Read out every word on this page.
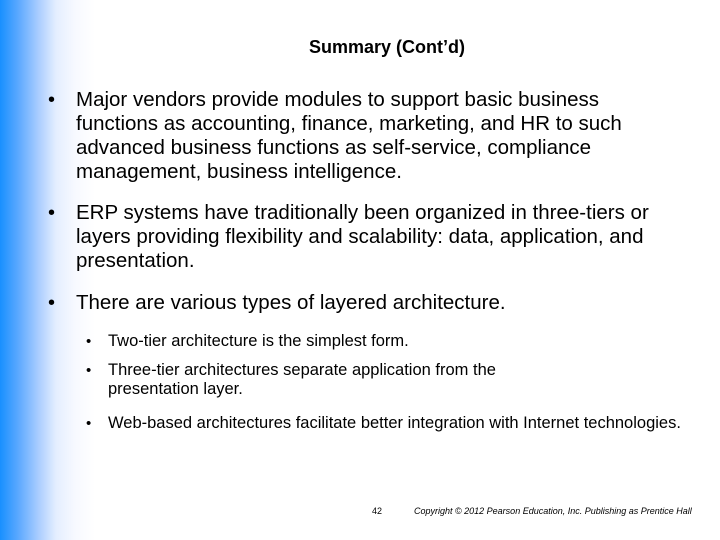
Summary (Cont’d)
• Major vendors provide modules to support basic business functions as accounting, finance, marketing, and HR to such advanced business functions as self-service, compliance management, business intelligence.
• ERP systems have traditionally been organized in three-tiers or layers providing flexibility and scalability: data, application, and presentation.
• There are various types of layered architecture.
• Two-tier architecture is the simplest form.
• Three-tier architectures separate application from the presentation layer.
• Web-based architectures facilitate better integration with Internet technologies.
42	Copyright © 2012 Pearson Education, Inc. Publishing as Prentice Hall
